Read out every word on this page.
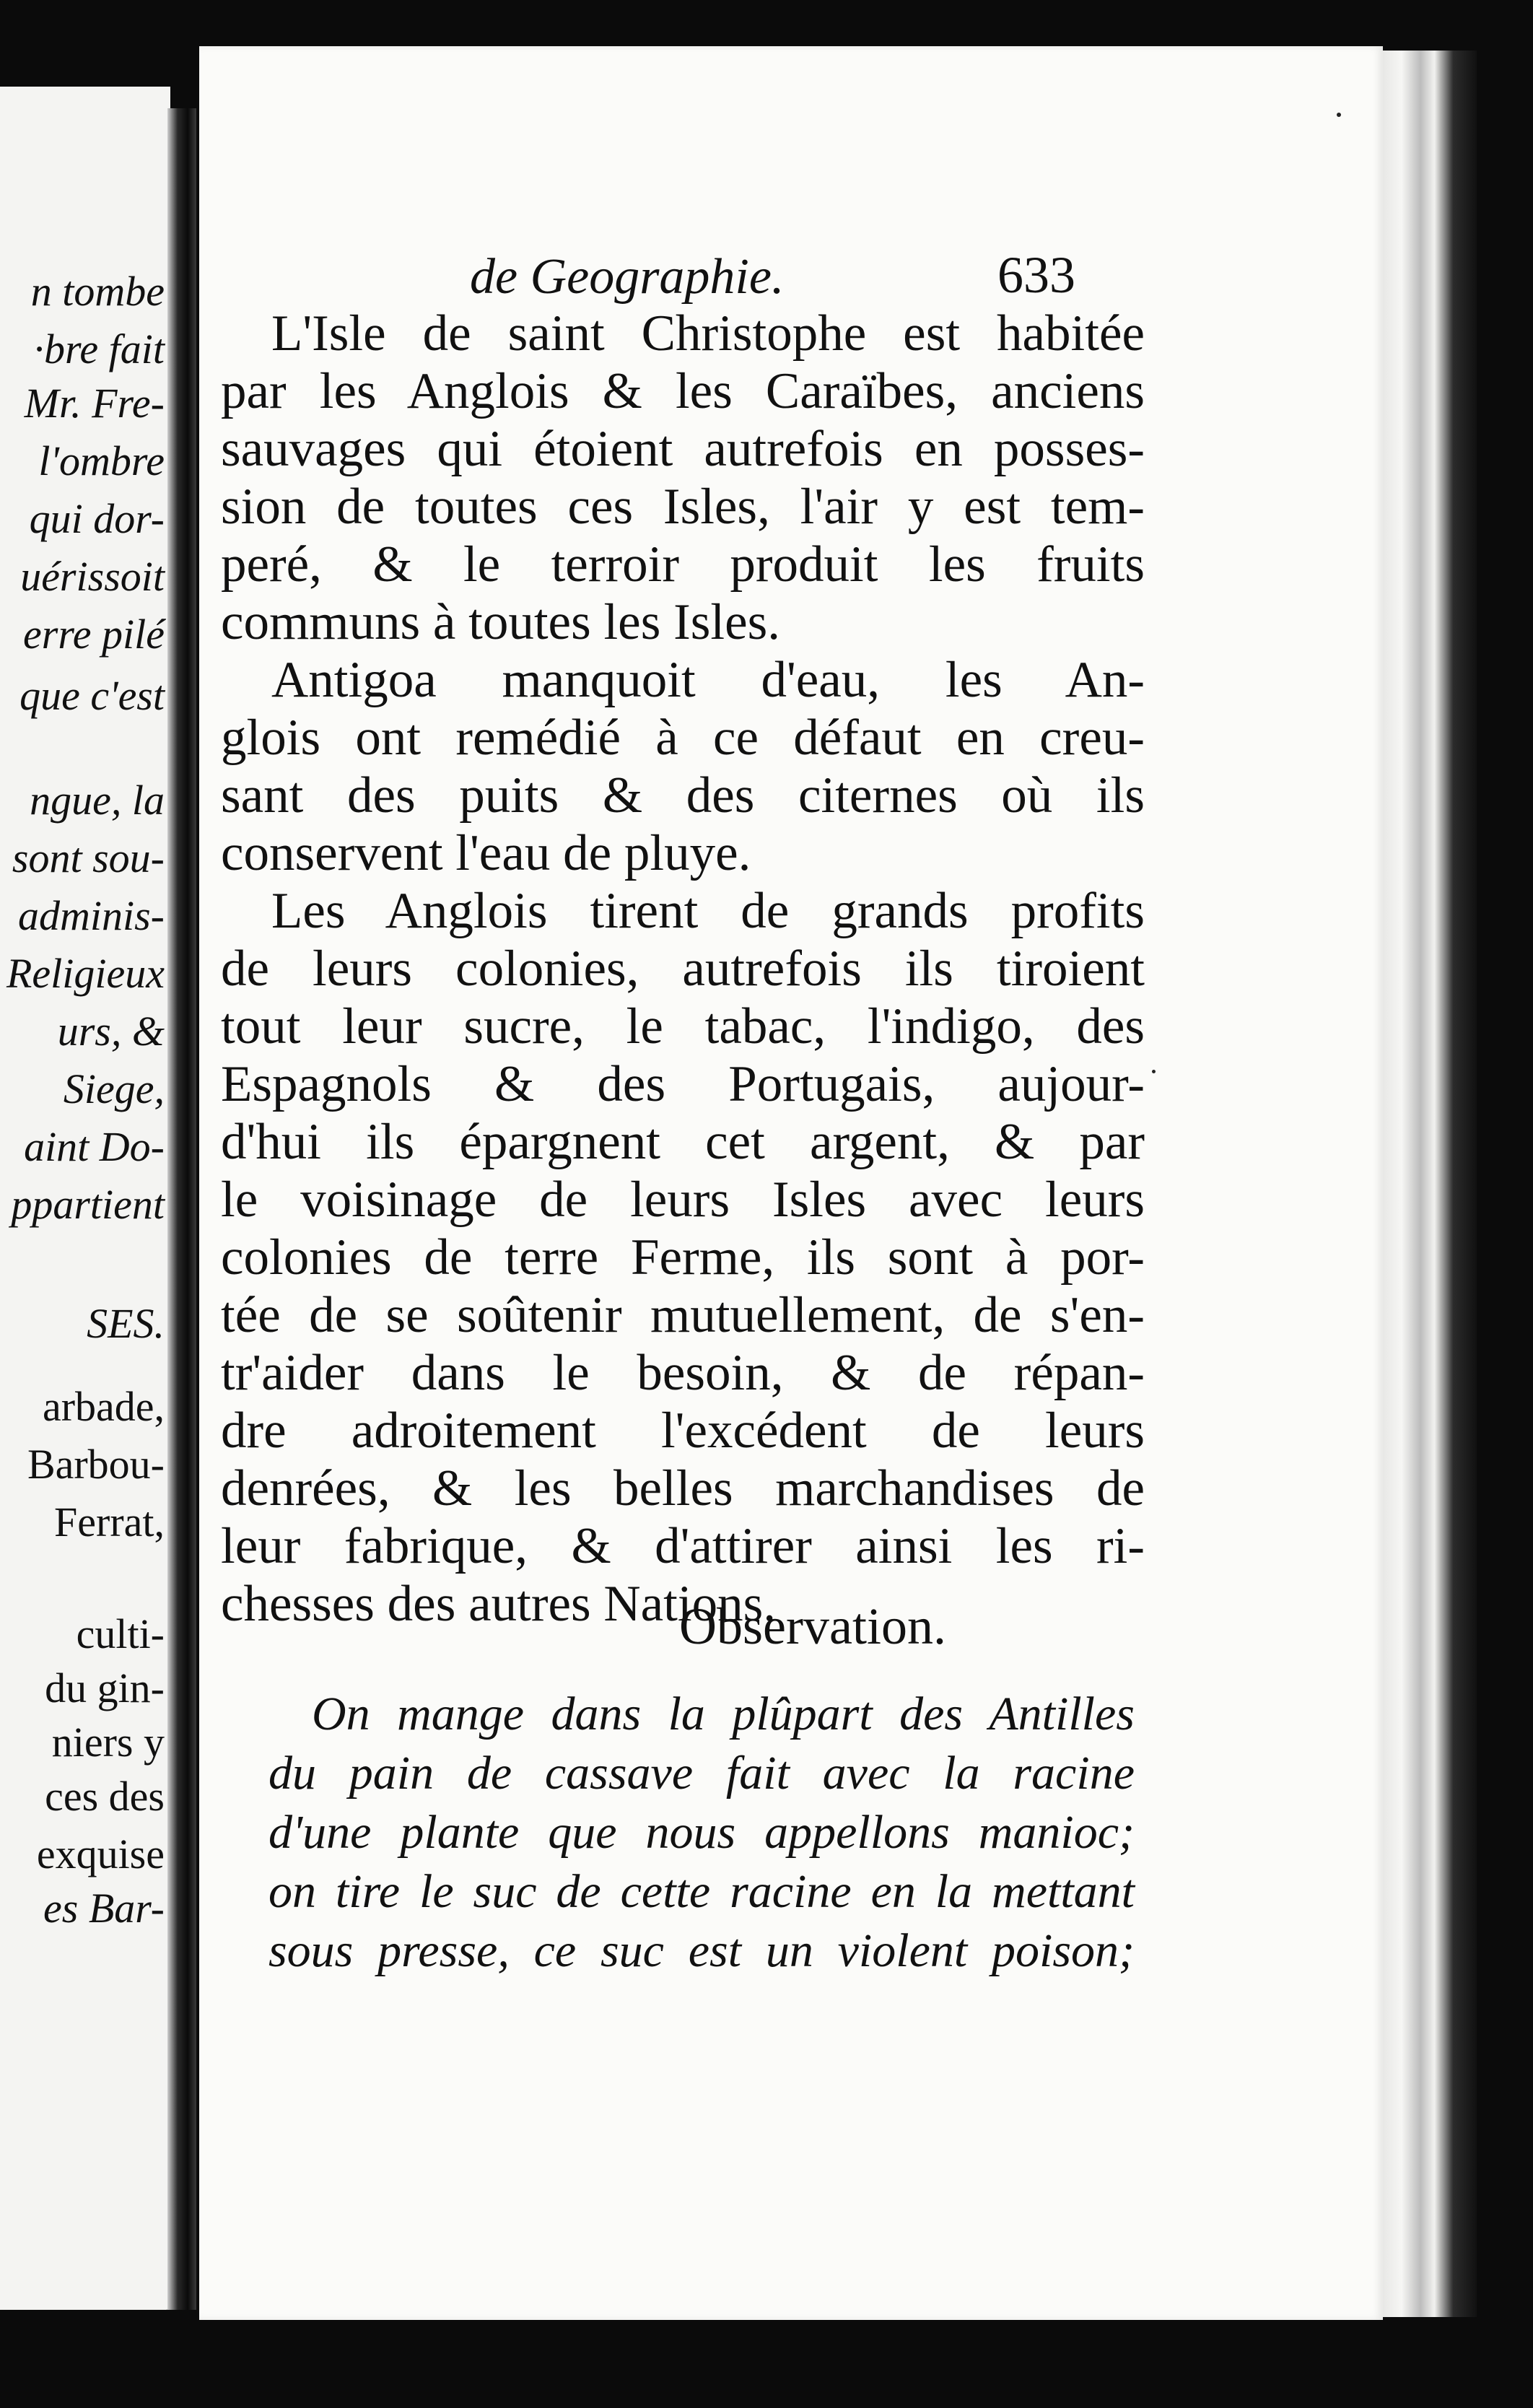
n tombe
·bre fait
Mr. Fre-
l'ombre
qui dor-
uérissoit
erre pilé
que c'est
ngue, la
sont sou-
adminis-
Religieux
urs, &
Siege,
aint Do-
ppartient
SES.
arbade,
Barbou-
Ferrat,
culti-
du gin-
niers y
ces des
exquise
es Bar-
de Geographie.	633
L'Isle de saint Christophe est habitée
par les Anglois & les Caraïbes, anciens
sauvages qui étoient autrefois en posses-
sion de toutes ces Isles, l'air y est tem-
peré, & le terroir produit les fruits
communs à toutes les Isles.
Antigoa manquoit d'eau, les An-
glois ont remédié à ce défaut en creu-
sant des puits & des citernes où ils
conservent l'eau de pluye.
Les Anglois tirent de grands profits
de leurs colonies, autrefois ils tiroient
tout leur sucre, le tabac, l'indigo, des
Espagnols & des Portugais, aujour-
d'hui ils épargnent cet argent, & par
le voisinage de leurs Isles avec leurs
colonies de terre Ferme, ils sont à por-
tée de se soûtenir mutuellement, de s'en-
tr'aider dans le besoin, & de répan-
dre adroitement l'excédent de leurs
denrées, & les belles marchandises de
leur fabrique, & d'attirer ainsi les ri-
chesses des autres Nations.
Observation.
On mange dans la plûpart des Antilles
du pain de cassave fait avec la racine
d'une plante que nous appellons manioc;
on tire le suc de cette racine en la mettant
sous presse, ce suc est un violent poison;
